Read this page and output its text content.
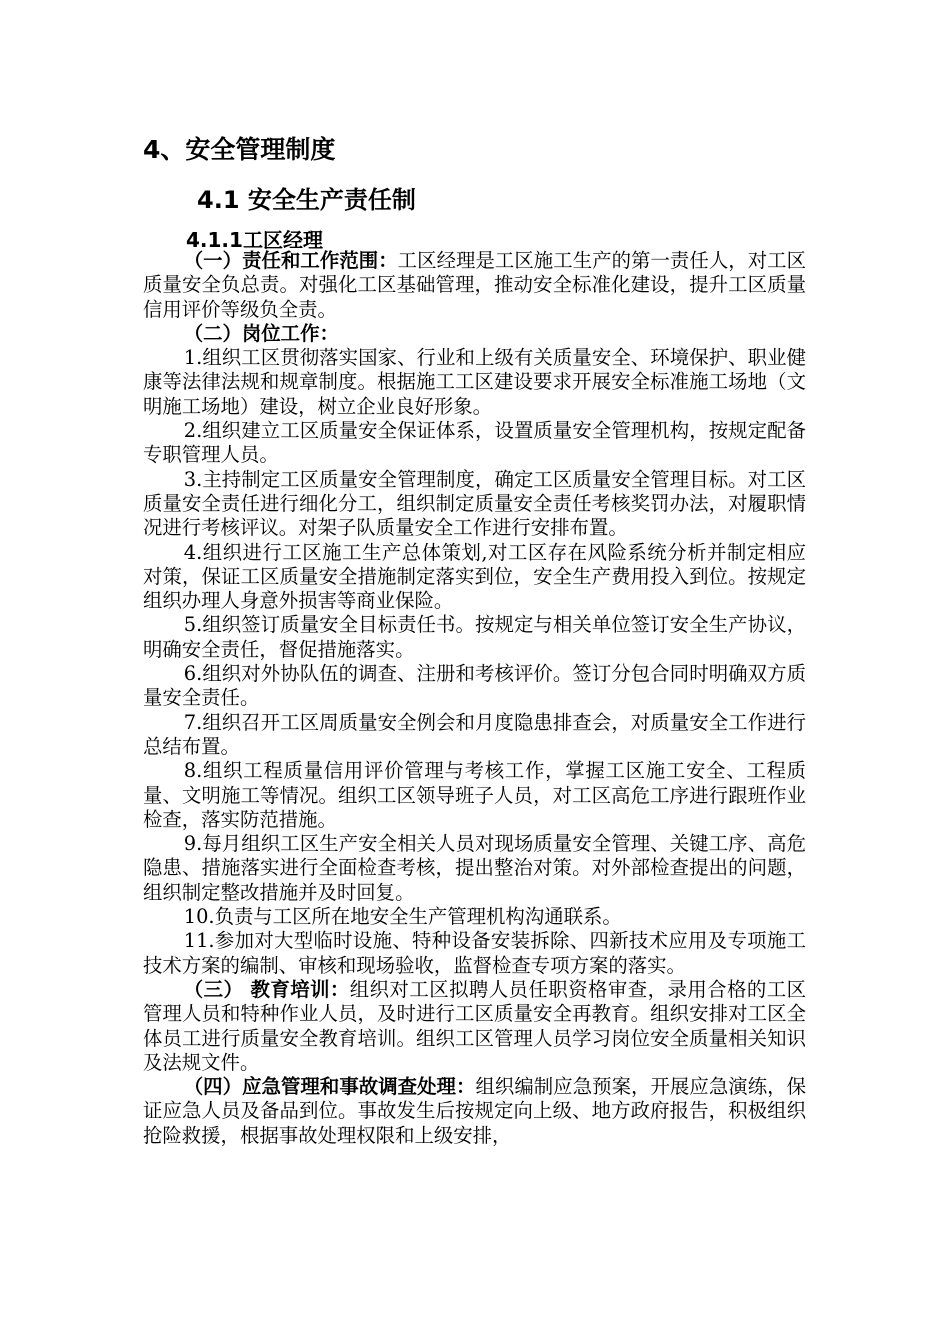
4、安全管理制度
4.1 安全生产责任制
4.1.1工区经理

（一）责任和工作范围：工区经理是工区施工生产的第一责任人，对工区质量安全负总责。对强化工区基础管理，推动安全标准化建设，提升工区质量信用评价等级负全责。

（二）岗位工作：

1.组织工区贯彻落实国家、行业和上级有关质量安全、环境保护、职业健康等法律法规和规章制度。根据施工工区建设要求开展安全标准施工场地（文明施工场地）建设，树立企业良好形象。

2.组织建立工区质量安全保证体系，设置质量安全管理机构，按规定配备专职管理人员。

3.主持制定工区质量安全管理制度，确定工区质量安全管理目标。对工区质量安全责任进行细化分工，组织制定质量安全责任考核奖罚办法，对履职情况进行考核评议。对架子队质量安全工作进行安排布置。

4.组织进行工区施工生产总体策划,对工区存在风险系统分析并制定相应对策，保证工区质量安全措施制定落实到位，安全生产费用投入到位。按规定组织办理人身意外损害等商业保险。

5.组织签订质量安全目标责任书。按规定与相关单位签订安全生产协议，明确安全责任，督促措施落实。

6.组织对外协队伍的调查、注册和考核评价。签订分包合同时明确双方质量安全责任。

7.组织召开工区周质量安全例会和月度隐患排查会，对质量安全工作进行总结布置。

8.组织工程质量信用评价管理与考核工作，掌握工区施工安全、工程质量、文明施工等情况。组织工区领导班子人员，对工区高危工序进行跟班作业检查，落实防范措施。

9.每月组织工区生产安全相关人员对现场质量安全管理、关键工序、高危隐患、措施落实进行全面检查考核，提出整治对策。对外部检查提出的问题，组织制定整改措施并及时回复。

10.负责与工区所在地安全生产管理机构沟通联系。

11.参加对大型临时设施、特种设备安装拆除、四新技术应用及专项施工技术方案的编制、审核和现场验收，监督检查专项方案的落实。

（三） 教育培训：组织对工区拟聘人员任职资格审查，录用合格的工区管理人员和特种作业人员，及时进行工区质量安全再教育。组织安排对工区全体员工进行质量安全教育培训。组织工区管理人员学习岗位安全质量相关知识及法规文件。

（四）应急管理和事故调查处理：组织编制应急预案，开展应急演练，保证应急人员及备品到位。事故发生后按规定向上级、地方政府报告，积极组织抢险救援，根据事故处理权限和上级安排，
